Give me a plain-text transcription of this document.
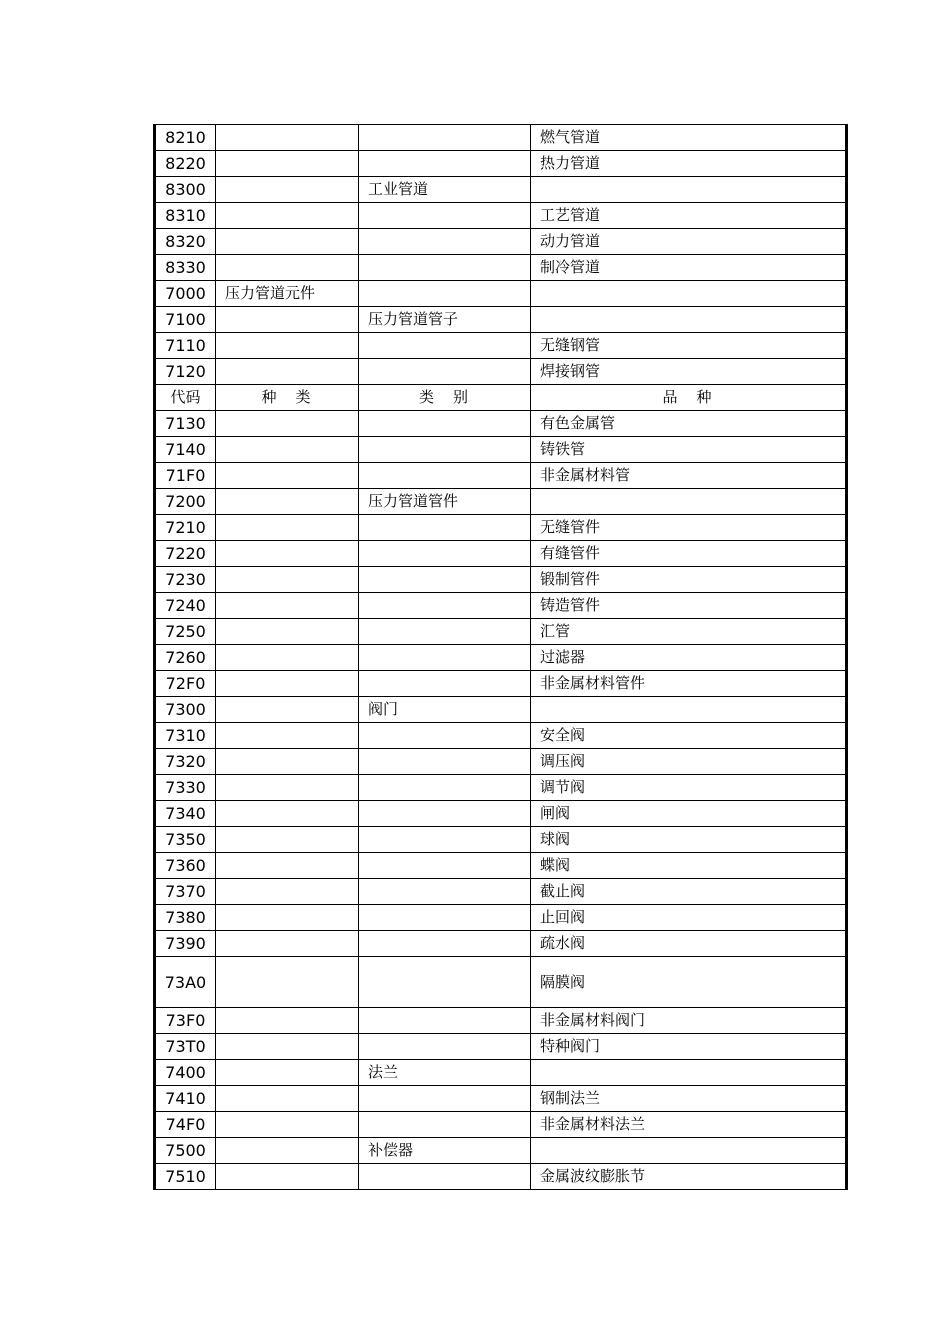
8210			燃气管道
8220			热力管道
8300		工业管道	
8310			工艺管道
8320			动力管道
8330			制冷管道
7000	压力管道元件		
7100		压力管道管子	
7110			无缝钢管
7120			焊接钢管
代码	种　类	类　别	品　种
7130			有色金属管
7140			铸铁管
71F0			非金属材料管
7200		压力管道管件	
7210			无缝管件
7220			有缝管件
7230			锻制管件
7240			铸造管件
7250			汇管
7260			过滤器
72F0			非金属材料管件
7300		阀门	
7310			安全阀
7320			调压阀
7330			调节阀
7340			闸阀
7350			球阀
7360			蝶阀
7370			截止阀
7380			止回阀
7390			疏水阀
73A0			隔膜阀
73F0			非金属材料阀门
73T0			特种阀门
7400		法兰	
7410			钢制法兰
74F0			非金属材料法兰
7500		补偿器	
7510			金属波纹膨胀节
